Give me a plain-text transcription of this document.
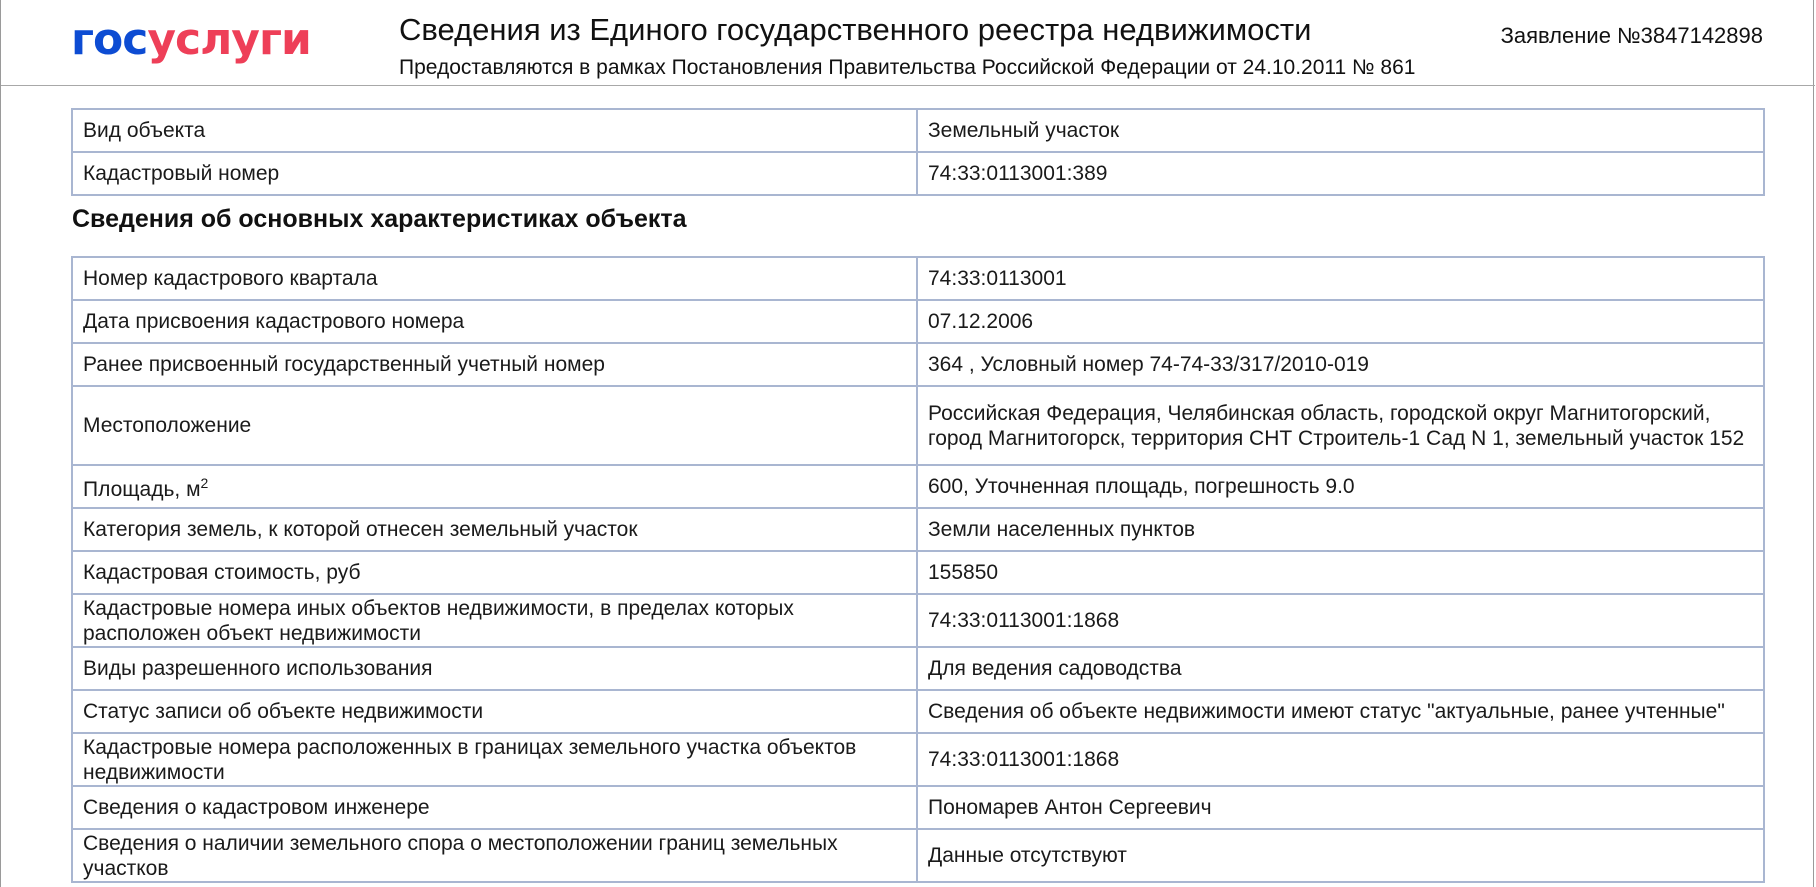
госуслуги	Сведения из Единого государственного реестра недвижимости
Предоставляются в рамках Постановления Правительства Российской Федерации от 24.10.2011 № 861
Заявление №3847142898
Вид объекта	Земельный участок
Кадастровый номер	74:33:0113001:389
Сведения об основных характеристиках объекта
Номер кадастрового квартала	74:33:0113001
Дата присвоения кадастрового номера	07.12.2006
Ранее присвоенный государственный учетный номер	364 , Условный номер 74-74-33/317/2010-019
Местоположение	Российская Федерация, Челябинская область, городской округ Магнитогорский, город Магнитогорск, территория СНТ Строитель-1 Сад N 1, земельный участок 152
Площадь, $м^2$	600, Уточненная площадь, погрешность 9.0
Категория земель, к которой отнесен земельный участок	Земли населенных пунктов
Кадастровая стоимость, руб	155850
Кадастровые номера иных объектов недвижимости, в пределах которых расположен объект недвижимости	74:33:0113001:1868
Виды разрешенного использования	Для ведения садоводства
Статус записи об объекте недвижимости	Сведения об объекте недвижимости имеют статус "актуальные, ранее учтенные"
Кадастровые номера расположенных в границах земельного участка объектов недвижимости	74:33:0113001:1868
Сведения о кадастровом инженере	Пономарев Антон Сергеевич
Сведения о наличии земельного спора о местоположении границ земельных участков	Данные отсутствуют
